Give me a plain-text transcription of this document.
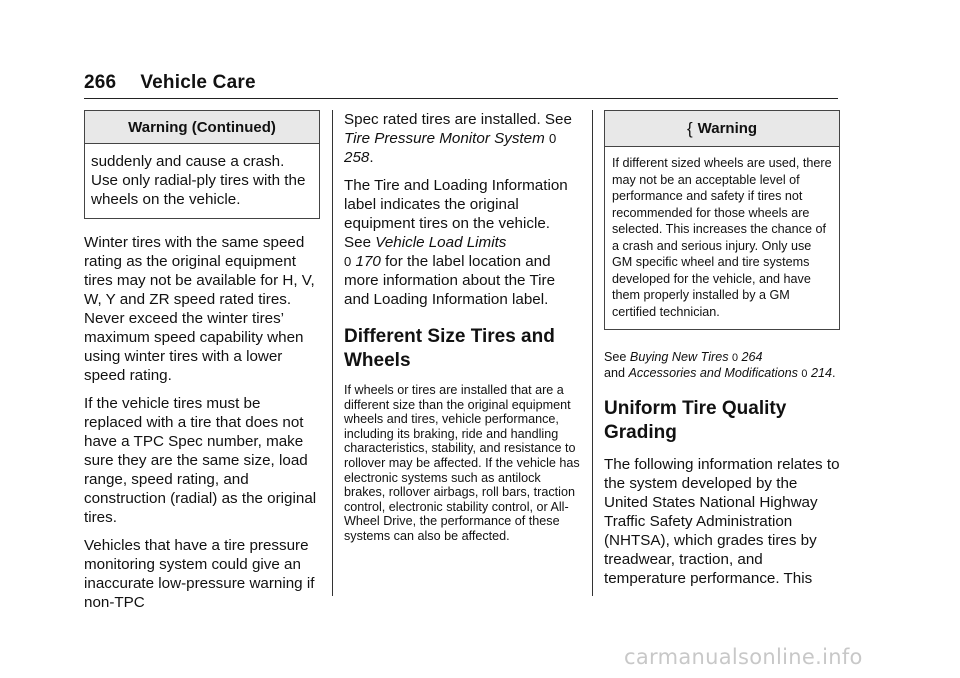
266 Vehicle Care
Warning (Continued)
suddenly and cause a crash. Use only radial-ply tires with the wheels on the vehicle.

Winter tires with the same speed rating as the original equipment tires may not be available for H, V, W, Y and ZR speed rated tires. Never exceed the winter tires’ maximum speed capability when using winter tires with a lower speed rating.

If the vehicle tires must be replaced with a tire that does not have a TPC Spec number, make sure they are the same size, load range, speed rating, and construction (radial) as the original tires.

Vehicles that have a tire pressure monitoring system could give an inaccurate low-pressure warning if non-TPC

Spec rated tires are installed. See Tire Pressure Monitor System 0 258.

The Tire and Loading Information label indicates the original equipment tires on the vehicle. See Vehicle Load Limits
0 170 for the label location and more information about the Tire and Loading Information label.

Different Size Tires and Wheels

If wheels or tires are installed that are a different size than the original equipment wheels and tires, vehicle performance, including its braking, ride and handling characteristics, stability, and resistance to rollover may be affected. If the vehicle has electronic systems such as antilock brakes, rollover airbags, roll bars, traction control, electronic stability control, or All-Wheel Drive, the performance of these systems can also be affected.

{ Warning
If different sized wheels are used, there may not be an acceptable level of performance and safety if tires not recommended for those wheels are selected. This increases the chance of a crash and serious injury. Only use GM specific wheel and tire systems developed for the vehicle, and have them properly installed by a GM certified technician.

See Buying New Tires 0 264
and Accessories and Modifications 0 214.

Uniform Tire Quality Grading

The following information relates to the system developed by the United States National Highway Traffic Safety Administration (NHTSA), which grades tires by treadwear, traction, and temperature performance. This

carmanualsonline.info
